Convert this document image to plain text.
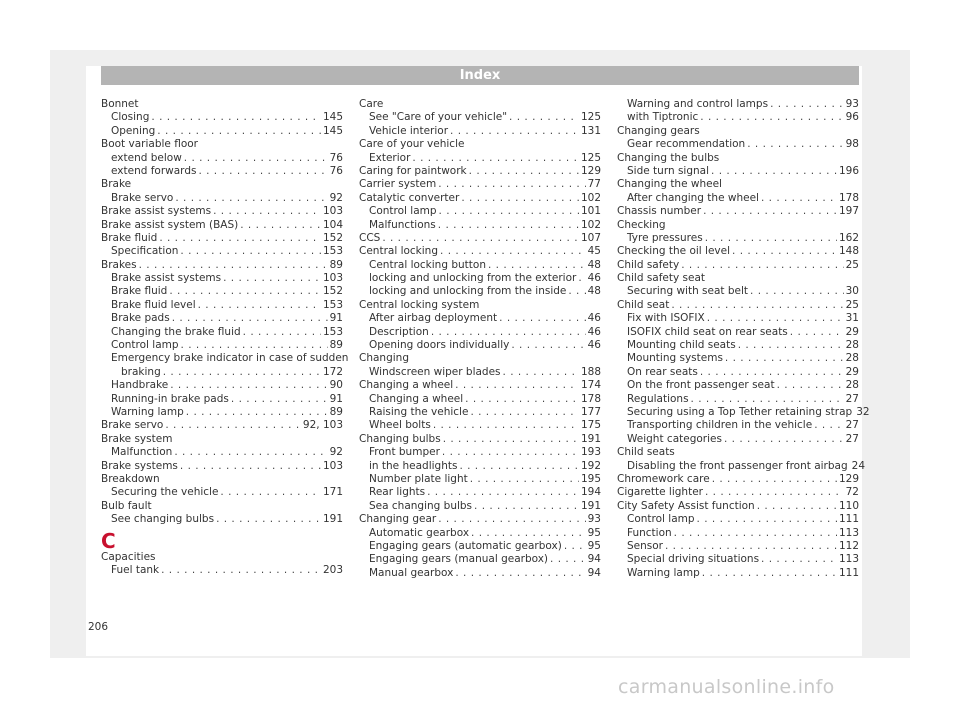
Index
Bonnet
Closing . . .	145
Opening . . .	145
Boot variable floor
extend below . . .	76
extend forwards . . .	76
Brake
Brake servo . . .	92
Brake assist systems . . .	103
Brake assist system (BAS) . . .	104
Brake fluid . . .	152
Specification . . .	153
Brakes . . .	89
Brake assist systems . . .	103
Brake fluid . . .	152
Brake fluid level . . .	153
Brake pads . . .	91
Changing the brake fluid . . .	153
Control lamp . . .	89
Emergency brake indicator in case of sudden
braking . . .	172
Handbrake . . .	90
Running-in brake pads . . .	91
Warning lamp . . .	89
Brake servo . . .	92, 103
Brake system
Malfunction . . .	92
Brake systems . . .	103
Breakdown
Securing the vehicle . . .	171
Bulb fault
See changing bulbs . . .	191
C
Capacities
Fuel tank . . .	203
Care
See "Care of your vehicle" . . .	125
Vehicle interior . . .	131
Care of your vehicle
Exterior . . .	125
Caring for paintwork . . .	129
Carrier system . . .	77
Catalytic converter . . .	102
Control lamp . . .	101
Malfunctions . . .	102
CCS . . .	107
Central locking . . .	45
Central locking button . . .	48
locking and unlocking from the exterior . . . 46
locking and unlocking from the inside . . . 48
Central locking system
After airbag deployment . . .	46
Description . . .	46
Opening doors individually . . .	46
Changing
Windscreen wiper blades . . .	188
Changing a wheel . . .	174
Changing a wheel . . .	178
Raising the vehicle . . .	177
Wheel bolts . . .	175
Changing bulbs . . .	191
Front bumper . . .	193
in the headlights . . .	192
Number plate light . . .	195
Rear lights . . .	194
Sea changing bulbs . . .	191
Changing gear . . .	93
Automatic gearbox . . .	95
Engaging gears (automatic gearbox) . . . 95
Engaging gears (manual gearbox) . . .	94
Manual gearbox . . .	94
Warning and control lamps . . .	93
with Tiptronic . . .	96
Changing gears
Gear recommendation . . .	98
Changing the bulbs
Side turn signal . . .	196
Changing the wheel
After changing the wheel . . .	178
Chassis number . . .	197
Checking
Tyre pressures . . .	162
Checking the oil level . . .	148
Child safety . . .	25
Child safety seat
Securing with seat belt . . .	30
Child seat . . .	25
Fix with ISOFIX . . .	31
ISOFIX child seat on rear seats . . .	29
Mounting child seats . . .	28
Mounting systems . . .	28
On rear seats . . .	29
On the front passenger seat . . .	28
Regulations . . .	27
Securing using a Top Tether retaining strap 32
Transporting children in the vehicle . . .	27
Weight categories . . .	27
Child seats
Disabling the front passenger front airbag 24
Chromework care . . .	129
Cigarette lighter . . .	72
City Safety Assist function . . .	110
Control lamp . . .	111
Function . . .	113
Sensor . . .	112
Special driving situations . . .	113
Warning lamp . . .	111
206
carmanualsonline.info
